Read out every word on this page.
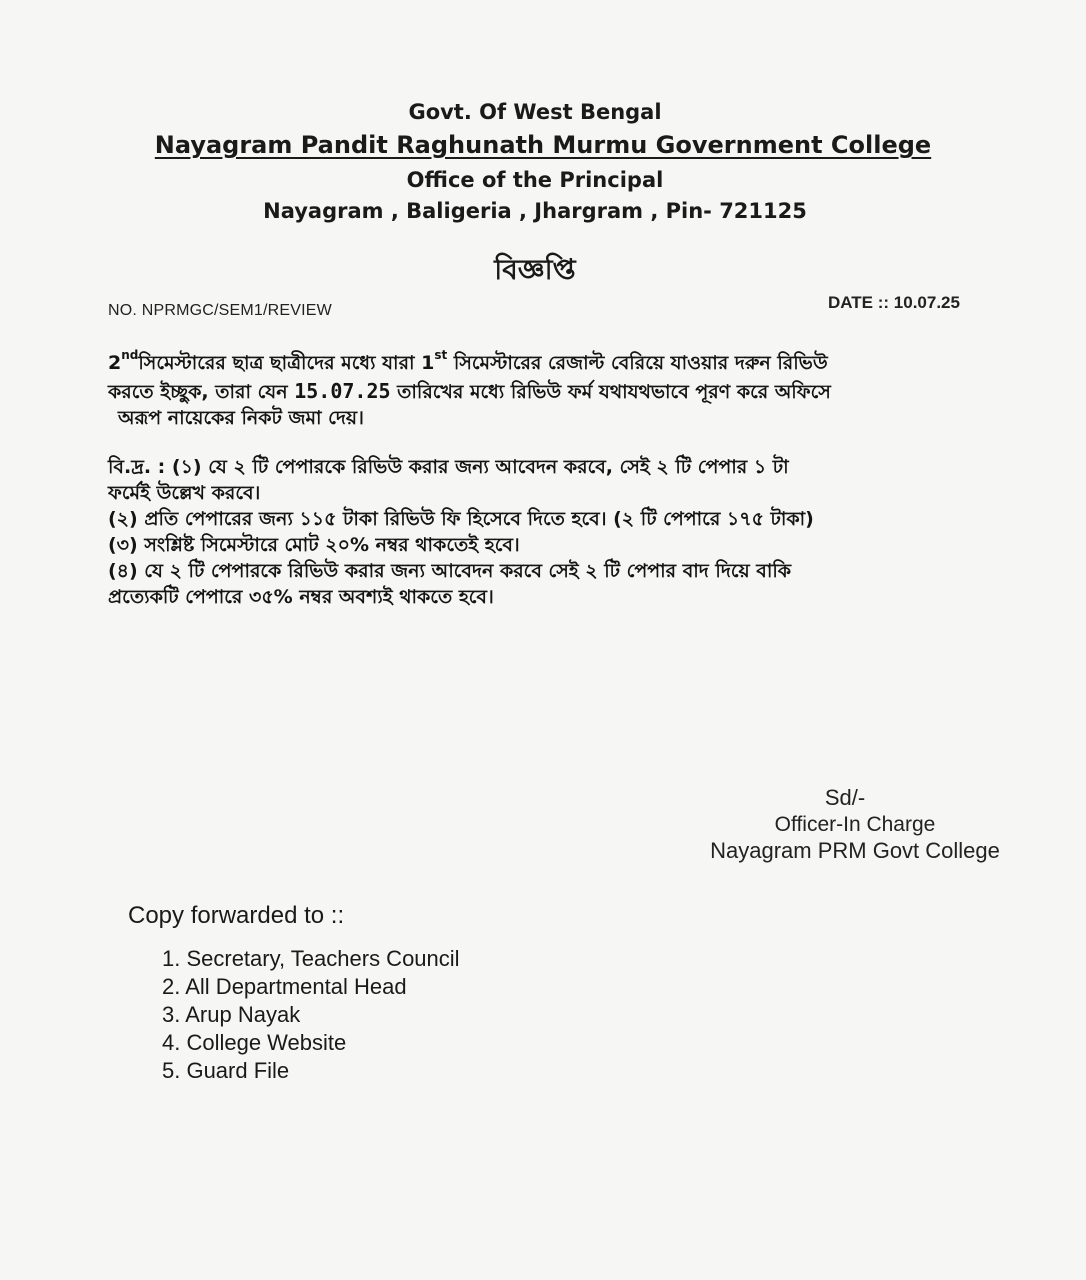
Govt. Of West Bengal
Nayagram Pandit Raghunath Murmu Government College
Office of the Principal
Nayagram , Baligeria , Jhargram , Pin- 721125
বিজ্ঞপ্তি
NO. NPRMGC/SEM1/REVIEW	DATE :: 10.07.25
2ndসিমেস্টারের ছাত্র ছাত্রীদের মধ্যে যারা 1st সিমেস্টারের রেজাল্ট বেরিয়ে যাওয়ার দরুন রিভিউ
করতে ইচ্ছুক, তারা যেন 15.07.25 তারিখের মধ্যে রিভিউ ফর্ম যথাযথভাবে পূরণ করে অফিসে
অরূপ নায়েকের নিকট জমা দেয়।
বি.দ্র. : (১) যে ২ টি পেপারকে রিভিউ করার জন্য আবেদন করবে, সেই ২ টি পেপার ১ টা
ফর্মেই উল্লেখ করবে।
(২) প্রতি পেপারের জন্য ১১৫ টাকা রিভিউ ফি হিসেবে দিতে হবে। (২ টি পেপারে ১৭৫ টাকা)
(৩) সংশ্লিষ্ট সিমেস্টারে মোট ২০% নম্বর থাকতেই হবে।
(৪) যে ২ টি পেপারকে রিভিউ করার জন্য আবেদন করবে সেই ২ টি পেপার বাদ দিয়ে বাকি
প্রত্যেকটি পেপারে ৩৫% নম্বর অবশ্যই থাকতে হবে।
Sd/-
Officer-In Charge
Nayagram PRM Govt College
Copy forwarded to ::
1. Secretary, Teachers Council
2. All Departmental Head
3. Arup Nayak
4. College Website
5. Guard File
